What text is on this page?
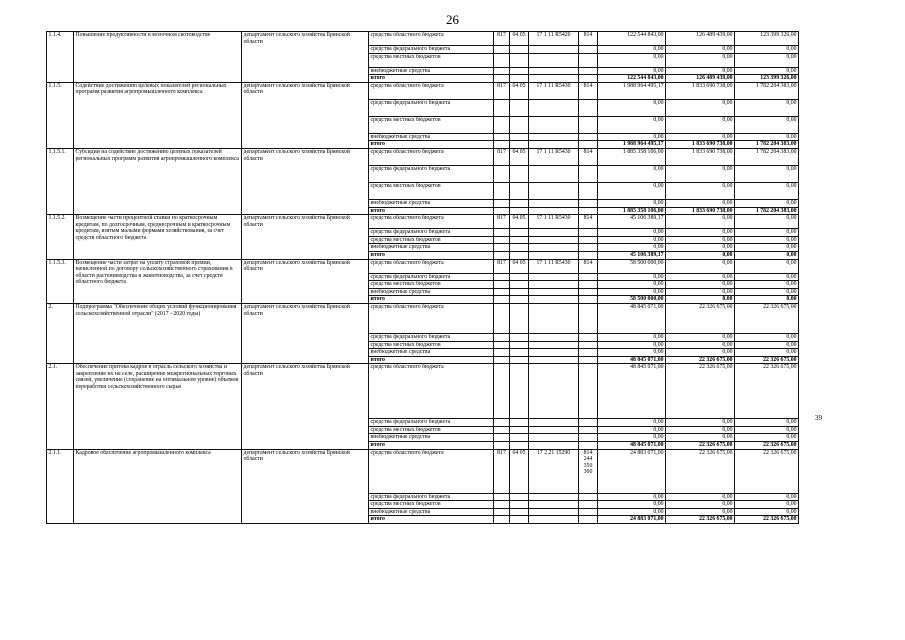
26
1.1.4.	Повышение продуктивности в молочном скотоводстве	департамент сельского хозяйства Брянской области	средства областного бюджета	817	04 05	17 1 11 R5420	814	122 544 843,00	126 489 439,00	123 399 326,00
			средства федерального бюджета					0,00	0,00	0,00
			средства местных бюджетов					0,00	0,00	0,00
			внебюджетные средства					0,00	0,00	0,00
			итого					122 544 843,00	126 489 439,00	123 399 326,00
1.1.5.	Содействие достижению целевых показателей региональных программ развития агропромышленного комплекса	департамент сельского хозяйства Брянской области	средства областного бюджета	817	04 05	17 1 11 R5430	814	1 988 964 495,17	1 833 690 738,00	1 782 204 383,00
			средства федерального бюджета					0,00	0,00	0,00
			средства местных бюджетов					0,00	0,00	0,00
			внебюджетные средства					0,00	0,00	0,00
			итого					1 988 964 495,17	1 833 690 738,00	1 782 204 383,00
1.1.5.1.	Субсидии на содействие достижению целевых показателей региональных программ развития агропромышленного комплекса	департамент сельского хозяйства Брянской области	средства областного бюджета	817	04 05	17 1 11 R5430	814	1 885 358 106,00	1 833 690 738,00	1 782 204 383,00
			средства федерального бюджета					0,00	0,00	0,00
			средства местных бюджетов					0,00	0,00	0,00
			внебюджетные средства					0,00	0,00	0,00
			итого					1 885 358 106,00	1 833 690 738,00	1 782 204 383,00
1.1.5.2.	Возмещение части процентной ставки по краткосрочным кредитам, по долгосрочным, среднесрочным и краткосрочным кредитам, взятым малыми формами хозяйствования, за счет средств областного бюджета	департамент сельского хозяйства Брянской области	средства областного бюджета	817	04 05	17 1 11 R5430	814	45 106 389,17	0,00	0,00
			средства федерального бюджета					0,00	0,00	0,00
			средства местных бюджетов					0,00	0,00	0,00
			внебюджетные средства					0,00	0,00	0,00
			итого					45 106 389,17	0,00	0,00
1.1.5.3.	Возмещение части затрат на уплату страховой премии, начисленной по договору сельскохозяйственного страхования в области растениеводства и животноводства, за счет средств областного бюджета	департамент сельского хозяйства Брянской области	средства областного бюджета	817	04 05	17 1 11 R5430	814	58 500 000,00	0,00	0,00
			средства федерального бюджета					0,00	0,00	0,00
			средства местных бюджетов					0,00	0,00	0,00
			внебюджетные средства					0,00	0,00	0,00
			итого					58 500 000,00	0,00	0,00
2.	Подпрограмма "Обеспечение общих условий функционирования сельскохозяйственной отрасли" (2017 - 2020 годы)	департамент сельского хозяйства Брянской области	средства областного бюджета					48 845 071,00	22 326 675,00	22 326 675,00
			средства федерального бюджета					0,00	0,00	0,00
			средства местных бюджетов					0,00	0,00	0,00
			внебюджетные средства					0,00	0,00	0,00
			итого					48 845 071,00	22 326 675,00	22 326 675,00
2.1.	Обеспечение притока кадров в отрасль сельского хозяйства и закрепление их на селе, расширение межрегиональных торговых связей, увеличение (сохранение на оптимальном уровне) объемов переработки сельскохозяйственного сырья	департамент сельского хозяйства Брянской области	средства областного бюджета					48 845 071,00	22 326 675,00	22 326 675,00
			средства федерального бюджета					0,00	0,00	0,00
			средства местных бюджетов					0,00	0,00	0,00
			внебюджетные средства					0,00	0,00	0,00
			итого					48 845 071,00	22 326 675,00	22 326 675,00
2.1.1.	Кадровое обеспечение агропромышленного комплекса	департамент сельского хозяйства Брянской области	средства областного бюджета	817	04 05	17 2 21 15290	814
244
350
360	24 883 071,00	22 326 675,00	22 326 675,00
			средства федерального бюджета					0,00	0,00	0,00
			средства местных бюджетов					0,00	0,00	0,00
			внебюджетные средства					0,00	0,00	0,00
			итого					24 883 071,00	22 326 675,00	22 326 675,00
39
